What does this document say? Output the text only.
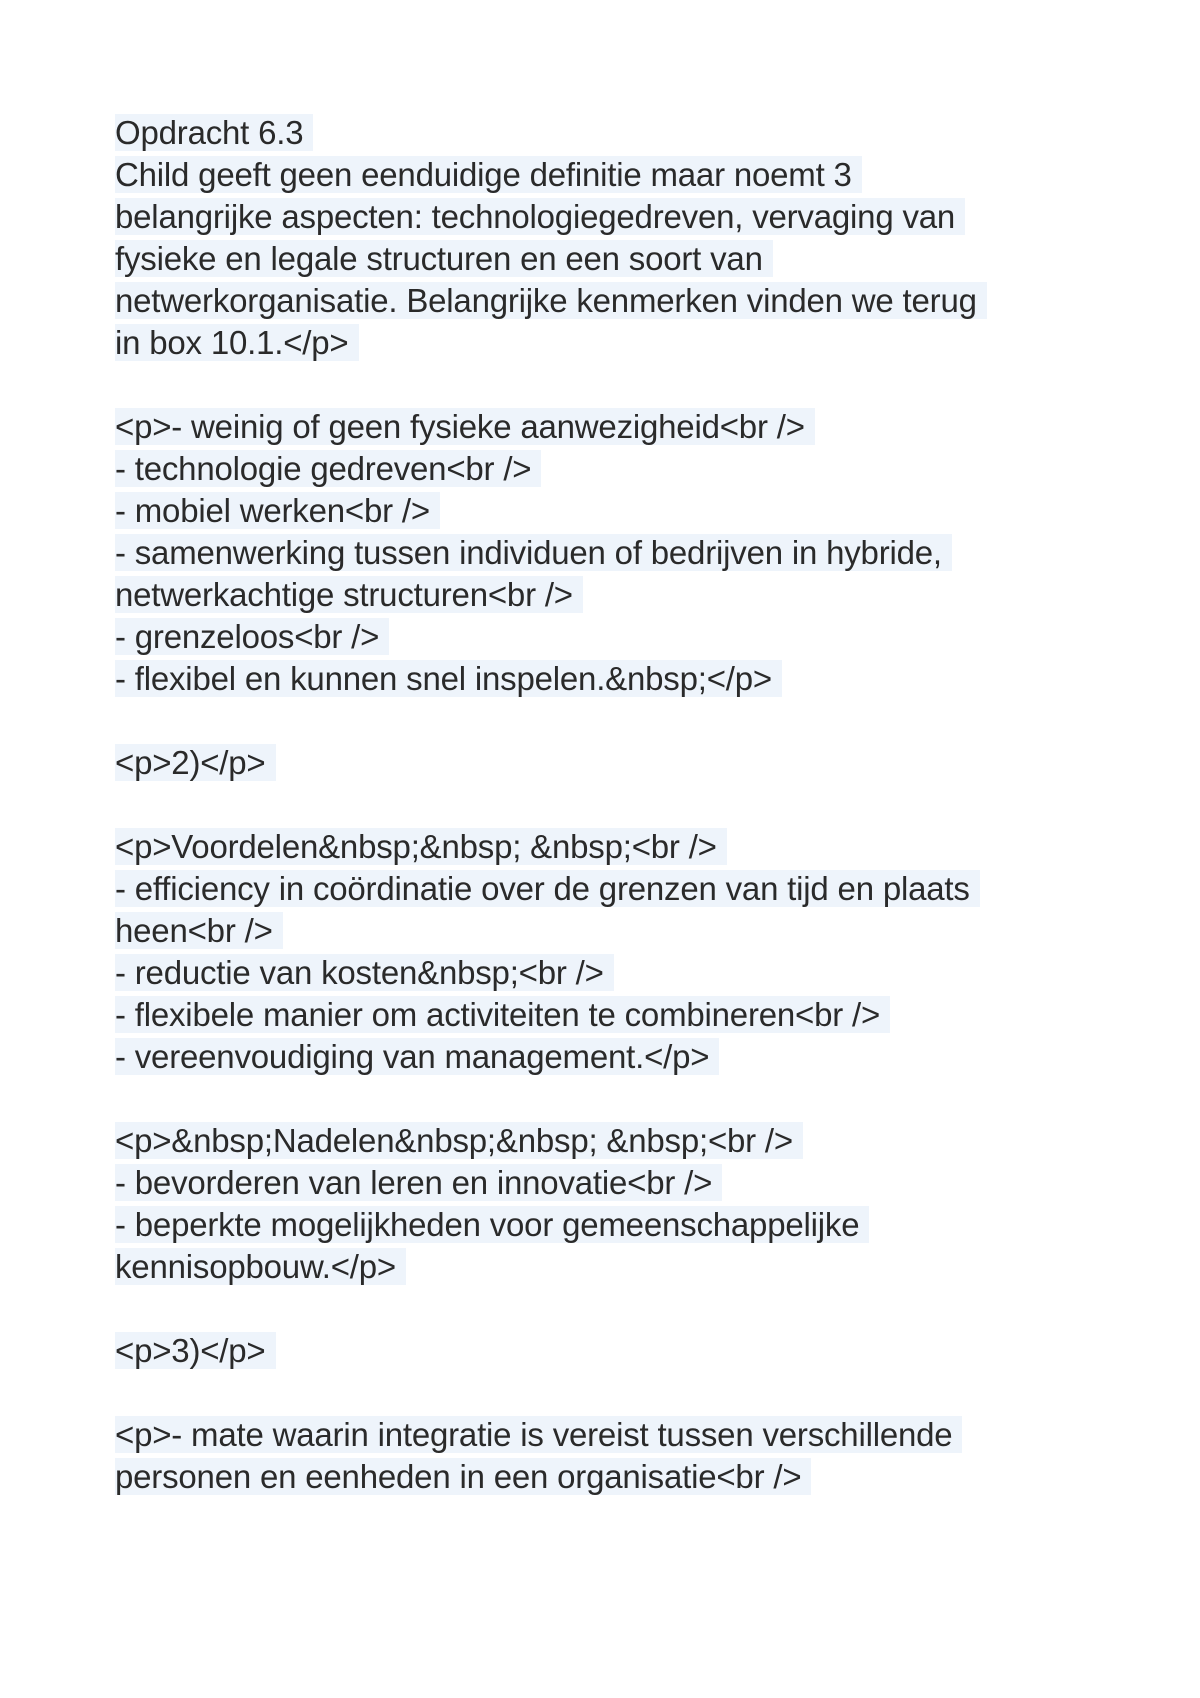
Opdracht 6.3
Child geeft geen eenduidige definitie maar noemt 3
belangrijke aspecten: technologiegedreven, vervaging van
fysieke en legale structuren en een soort van
netwerkorganisatie. Belangrijke kenmerken vinden we terug
in box 10.1.</p>
<p>- weinig of geen fysieke aanwezigheid<br />
- technologie gedreven<br />
- mobiel werken<br />
- samenwerking tussen individuen of bedrijven in hybride,
netwerkachtige structuren<br />
- grenzeloos<br />
- flexibel en kunnen snel inspelen.&nbsp;</p>
<p>2)</p>
<p>Voordelen&nbsp;&nbsp; &nbsp;<br />
- efficiency in coördinatie over de grenzen van tijd en plaats
heen<br />
- reductie van kosten&nbsp;<br />
- flexibele manier om activiteiten te combineren<br />
- vereenvoudiging van management.</p>
<p>&nbsp;Nadelen&nbsp;&nbsp; &nbsp;<br />
- bevorderen van leren en innovatie<br />
- beperkte mogelijkheden voor gemeenschappelijke
kennisopbouw.</p>
<p>3)</p>
<p>- mate waarin integratie is vereist tussen verschillende
personen en eenheden in een organisatie<br />
